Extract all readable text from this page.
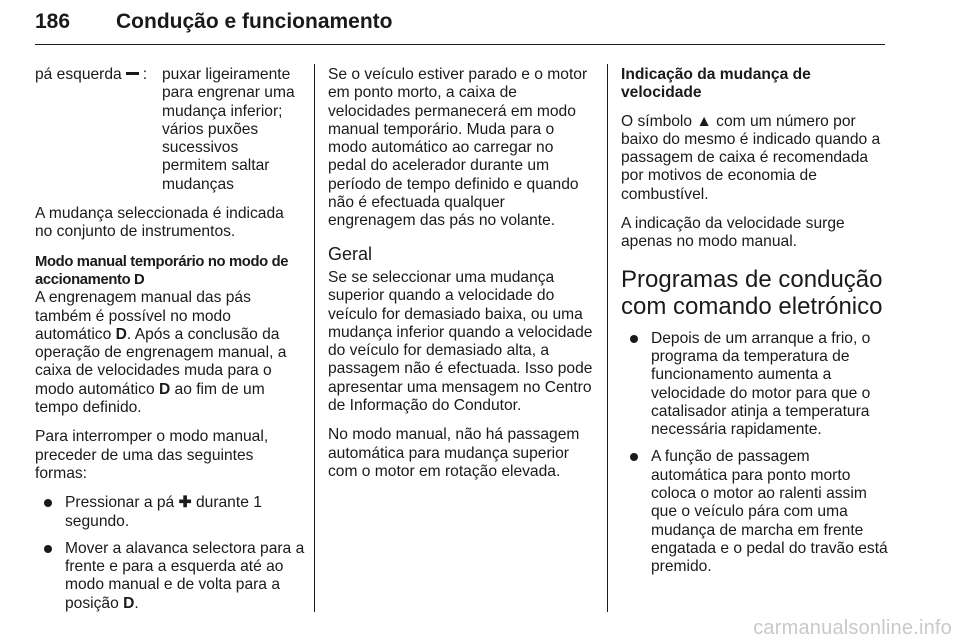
186 Condução e funcionamento
pá esquerda : puxar ligeiramente para engrenar uma mudança inferior; vários puxões sucessivos permitem saltar mudanças

A mudança seleccionada é indicada no conjunto de instrumentos.

Modo manual temporário no modo de accionamento D

A engrenagem manual das pás também é possível no modo automático D. Após a conclusão da operação de engrenagem manual, a caixa de velocidades muda para o modo automático D ao fim de um tempo definido.

Para interromper o modo manual, preceder de uma das seguintes formas:

Pressionar a pá ✚ durante 1 segundo.
Mover a alavanca selectora para a frente e para a esquerda até ao modo manual e de volta para a posição D.

Se o veículo estiver parado e o motor em ponto morto, a caixa de velocidades permanecerá em modo manual temporário. Muda para o modo automático ao carregar no pedal do acelerador durante um período de tempo definido e quando não é efectuada qualquer engrenagem das pás no volante.

Geral

Se se seleccionar uma mudança superior quando a velocidade do veículo for demasiado baixa, ou uma mudança inferior quando a velocidade do veículo for demasiado alta, a passagem não é efectuada. Isso pode apresentar uma mensagem no Centro de Informação do Condutor.

No modo manual, não há passagem automática para mudança superior com o motor em rotação elevada.

Indicação da mudança de velocidade

O símbolo ▲ com um número por baixo do mesmo é indicado quando a passagem de caixa é recomendada por motivos de economia de combustível.

A indicação da velocidade surge apenas no modo manual.

Programas de condução com comando eletrónico
Depois de um arranque a frio, o programa da temperatura de funcionamento aumenta a velocidade do motor para que o catalisador atinja a temperatura necessária rapidamente.
A função de passagem automática para ponto morto coloca o motor ao ralenti assim que o veículo pára com uma mudança de marcha em frente engatada e o pedal do travão está premido.
carmanualsonline.info
